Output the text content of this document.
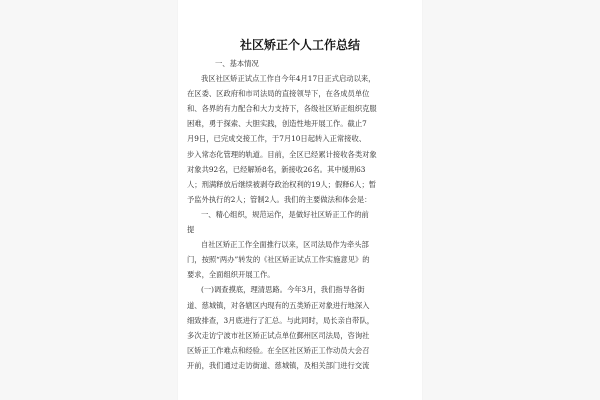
社区矫正个人工作总结
一、基本情况
我区社区矫正试点工作自今年4月17日正式启动以来，
在区委、区政府和市司法局的直接领导下，在各成员单位
和、各界的有力配合和大力支持下，各级社区矫正组织克服
困难，勇于探索、大胆实践，创造性地开展工作。截止7
月9日，已完成交接工作，于7月10日起转入正常接收、
步入常态化管理的轨道。目前，全区已经累计接收各类对象
对象共92名，已经解矫8名，新接收26名。其中缓刑63
人；刑满释放后继续被剥夺政治权利的19人；假释6人；暂
予监外执行的2人；管制2人。我们的主要做法和体会是：
一、精心组织，规范运作，是做好社区矫正工作的前
提
自社区矫正工作全面推行以来，区司法局作为牵头部
门，按照“两办”转发的《社区矫正试点工作实施意见》的
要求，全面组织开展工作。
(一)调查摸底，理清思路。今年3月，我们指导各街
道、慈城镇，对各辖区内现有的五类矫正对象进行地深入
细致排查，3月底进行了汇总。与此同时，局长亲自带队，
多次走访宁波市社区矫正试点单位鄞州区司法局，咨询社
区矫正工作难点和经验。在全区社区矫正工作动员大会召
开前，我们通过走访街道、慈城镇，及相关部门进行交流
